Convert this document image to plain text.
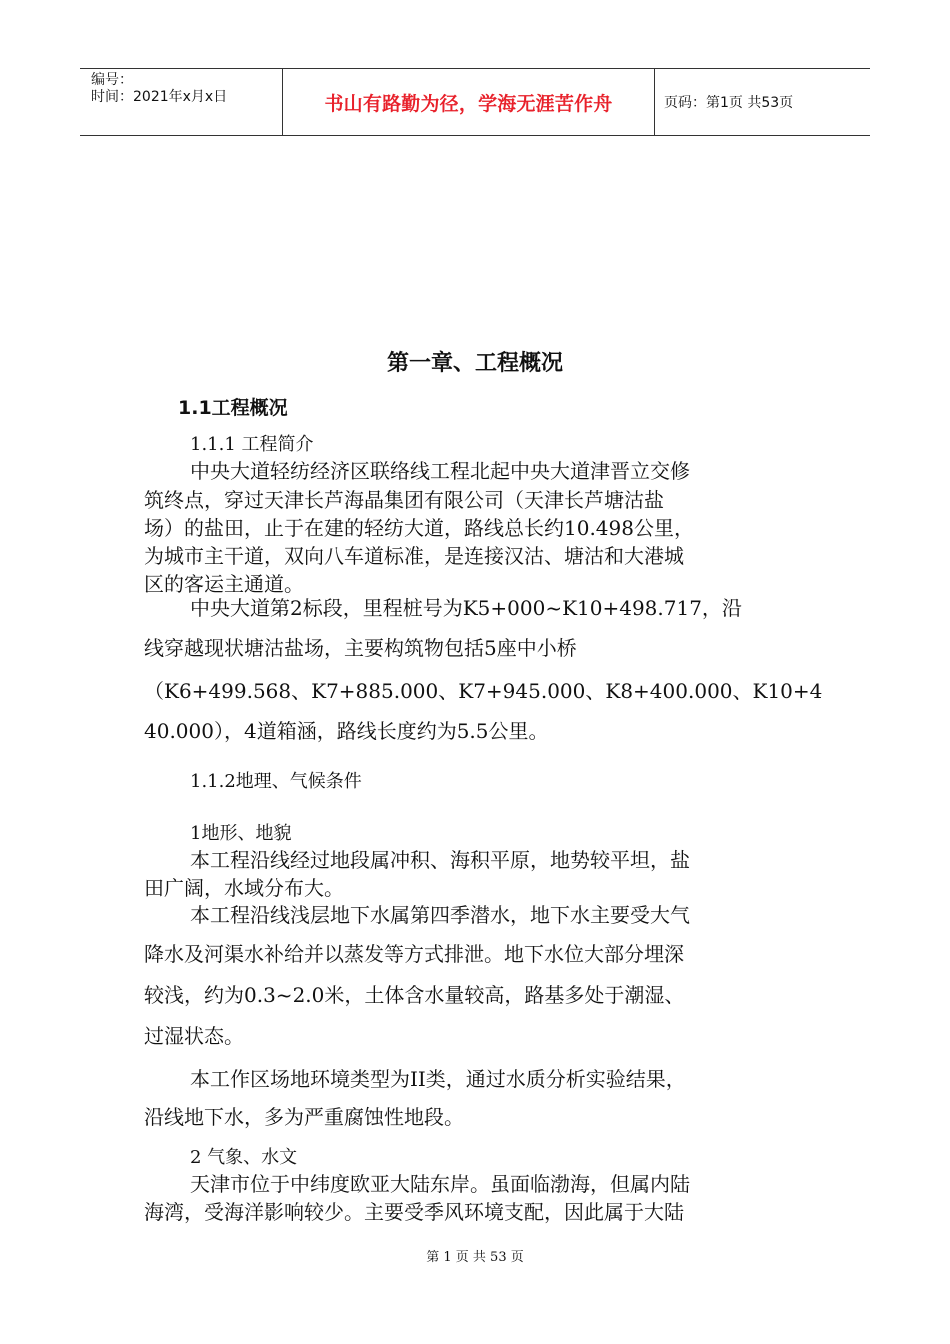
编号：
时间：2021年x月x日	书山有路勤为径，学海无涯苦作舟	页码：第1页 共53页
第一章、工程概况
1.1工程概况

1.1.1 工程简介

中央大道轻纺经济区联络线工程北起中央大道津晋立交修

筑终点，穿过天津长芦海晶集团有限公司（天津长芦塘沽盐

场）的盐田，止于在建的轻纺大道，路线总长约10.498公里，

为城市主干道，双向八车道标准，是连接汉沽、塘沽和大港城

区的客运主通道。

中央大道第2标段，里程桩号为K5+000~K10+498.717，沿

线穿越现状塘沽盐场，主要构筑物包括5座中小桥

（K6+499.568、K7+885.000、K7+945.000、K8+400.000、K10+4

40.000），4道箱涵，路线长度约为5.5公里。

1.1.2地理、气候条件

1地形、地貌

本工程沿线经过地段属冲积、海积平原，地势较平坦，盐

田广阔，水域分布大。

本工程沿线浅层地下水属第四季潜水，地下水主要受大气

降水及河渠水补给并以蒸发等方式排泄。地下水位大部分埋深

较浅，约为0.3~2.0米，土体含水量较高，路基多处于潮湿、

过湿状态。

本工作区场地环境类型为II类，通过水质分析实验结果，

沿线地下水，多为严重腐蚀性地段。

2 气象、水文

天津市位于中纬度欧亚大陆东岸。虽面临渤海，但属内陆

海湾，受海洋影响较少。主要受季风环境支配，因此属于大陆

第 1 页 共 53 页
